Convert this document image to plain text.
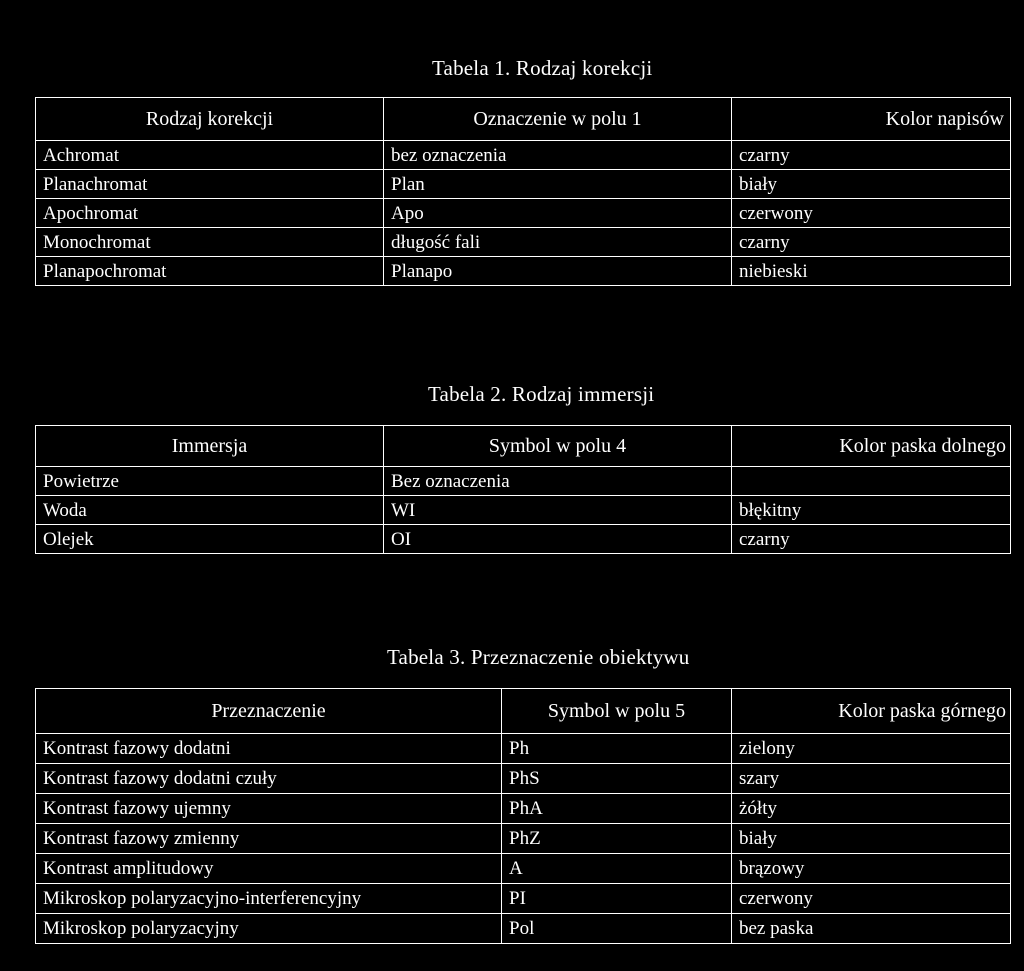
Tabela 1. Rodzaj korekcji
Rodzaj korekcji	Oznaczenie w polu 1	Kolor napisów
Achromat	bez oznaczenia	czarny
Planachromat	Plan	biały
Apochromat	Apo	czerwony
Monochromat	długość fali	czarny
Planapochromat	Planapo	niebieski
Tabela 2. Rodzaj immersji
Immersja	Symbol w polu 4	Kolor paska dolnego
Powietrze	Bez oznaczenia	
Woda	WI	błękitny
Olejek	OI	czarny
Tabela 3. Przeznaczenie obiektywu
Przeznaczenie	Symbol w polu 5	Kolor paska górnego
Kontrast fazowy dodatni	Ph	zielony
Kontrast fazowy dodatni czuły	PhS	szary
Kontrast fazowy ujemny	PhA	żółty
Kontrast fazowy zmienny	PhZ	biały
Kontrast amplitudowy	A	brązowy
Mikroskop polaryzacyjno-interferencyjny	PI	czerwony
Mikroskop polaryzacyjny	Pol	bez paska
